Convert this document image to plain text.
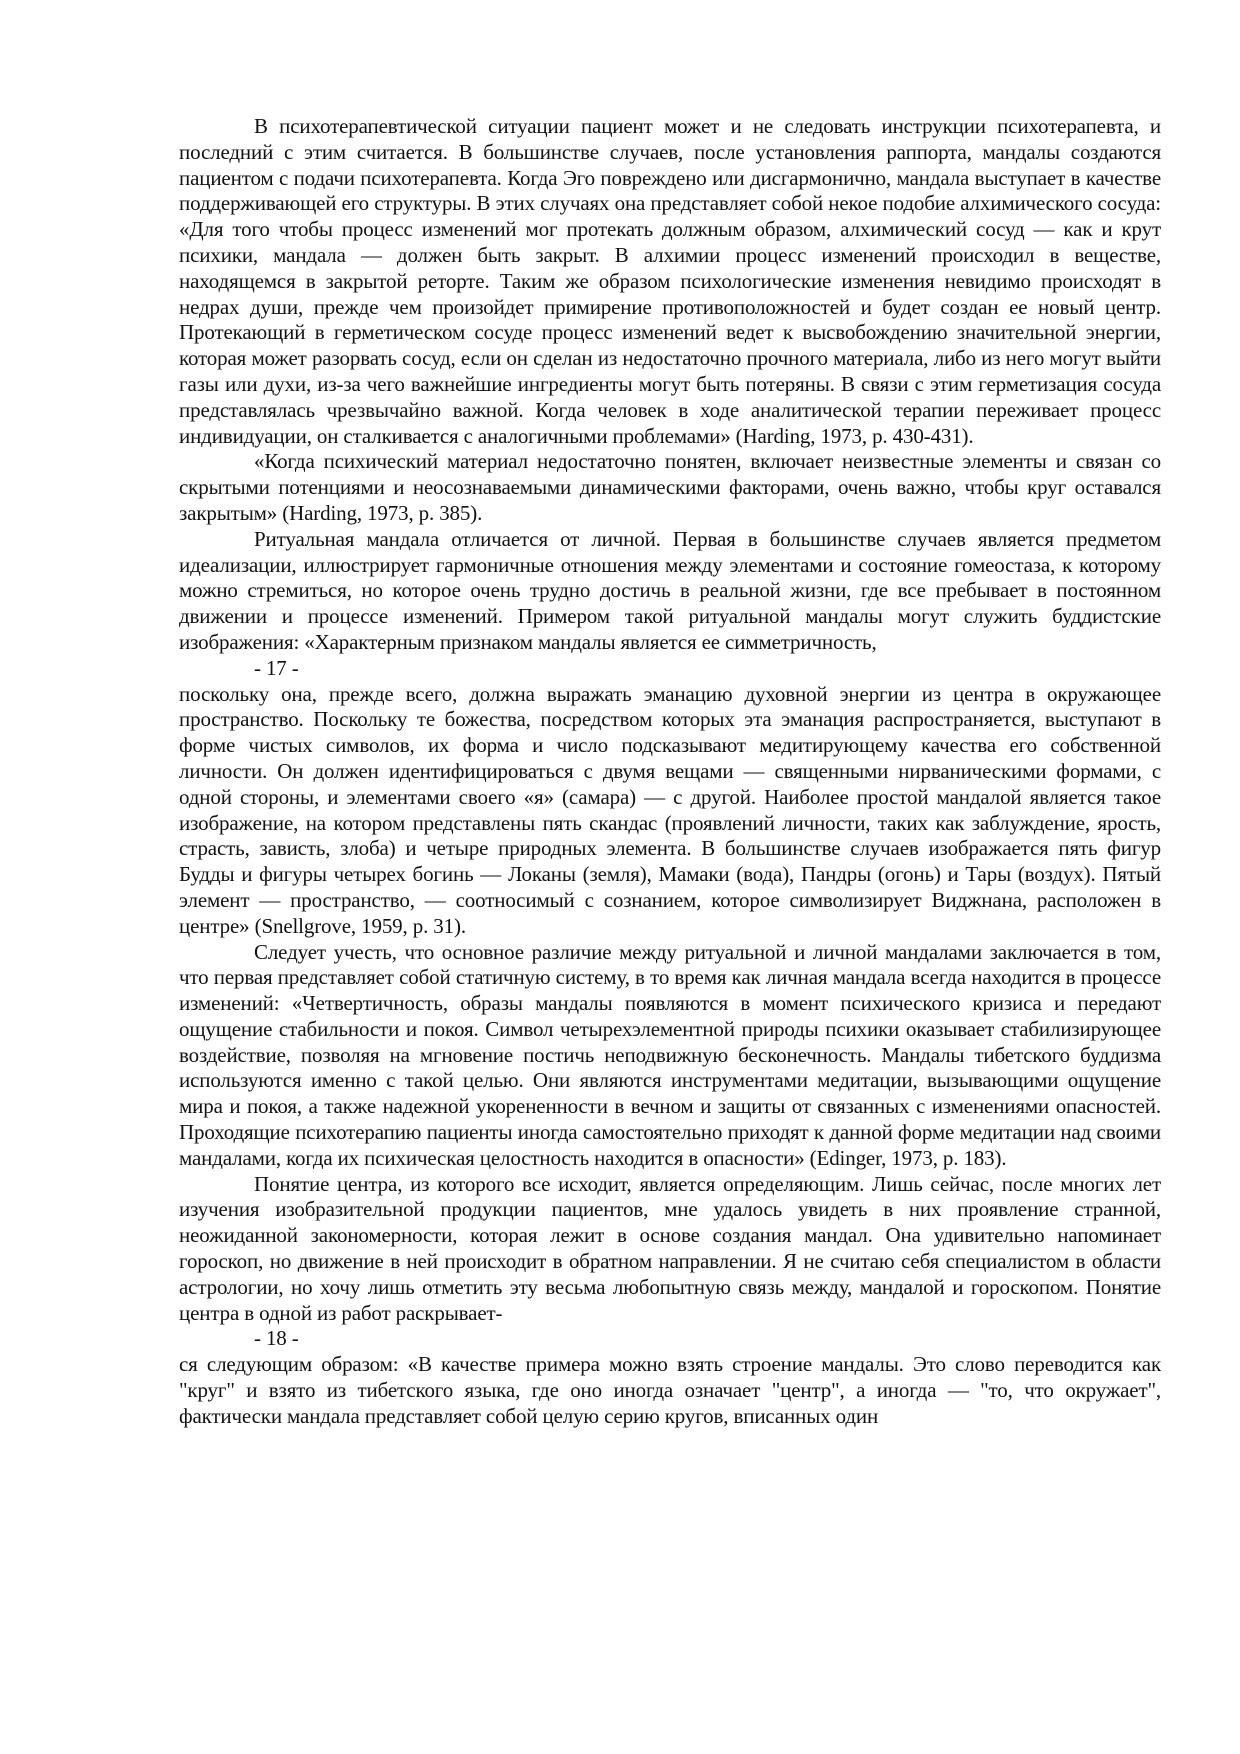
В психотерапевтической ситуации пациент может и не следовать инструкции психотерапевта, и последний с этим считается. В большинстве случаев, после установления раппорта, мандалы создаются пациентом с подачи психотерапевта. Когда Эго повреждено или дисгармонично, мандала выступает в качестве поддерживающей его структуры. В этих случаях она представляет собой некое подобие алхимического сосуда: «Для того чтобы процесс изменений мог протекать должным образом, алхимический сосуд — как и крут психики, мандала — должен быть закрыт. В алхимии процесс изменений происходил в веществе, находящемся в закрытой реторте. Таким же образом психологические изменения невидимо происходят в недрах души, прежде чем произойдет примирение противоположностей и будет создан ее новый центр. Протекающий в герметическом сосуде процесс изменений ведет к высвобождению значительной энергии, которая может разорвать сосуд, если он сделан из недостаточно прочного материала, либо из него могут выйти газы или духи, из-за чего важнейшие ингредиенты могут быть потеряны. В связи с этим герметизация сосуда представлялась чрезвычайно важной. Когда человек в ходе аналитической терапии переживает процесс индивидуации, он сталкивается с аналогичными проблемами» (Harding, 1973, p. 430-431).

«Когда психический материал недостаточно понятен, включает неизвестные элементы и связан со скрытыми потенциями и неосознаваемыми динамическими факторами, очень важно, чтобы круг оставался закрытым» (Harding, 1973, p. 385).

Ритуальная мандала отличается от личной. Первая в большинстве случаев является предметом идеализации, иллюстрирует гармоничные отношения между элементами и состояние гомеостаза, к которому можно стремиться, но которое очень трудно достичь в реальной жизни, где все пребывает в постоянном движении и процессе изменений. Примером такой ритуальной мандалы могут служить буддистские изображения: «Характерным признаком мандалы является ее симметричность,

- 17 -

поскольку она, прежде всего, должна выражать эманацию духовной энергии из центра в окружающее пространство. Поскольку те божества, посредством которых эта эманация распространяется, выступают в форме чистых символов, их форма и число подсказывают медитирующему качества его собственной личности. Он должен идентифицироваться с двумя вещами — священными нирваническими формами, с одной стороны, и элементами своего «я» (самара) — с другой. Наиболее простой мандалой является такое изображение, на котором представлены пять скандас (проявлений личности, таких как заблуждение, ярость, страсть, зависть, злоба) и четыре природных элемента. В большинстве случаев изображается пять фигур Будды и фигуры четырех богинь — Локаны (земля), Мамаки (вода), Пандры (огонь) и Тары (воздух). Пятый элемент — пространство, — соотносимый с сознанием, которое символизирует Виджнана, расположен в центре» (Snellgrove, 1959, p. 31).

Следует учесть, что основное различие между ритуальной и личной мандалами заключается в том, что первая представляет собой статичную систему, в то время как личная мандала всегда находится в процессе изменений: «Четвертичность, образы мандалы появляются в момент психического кризиса и передают ощущение стабильности и покоя. Символ четырехэлементной природы психики оказывает стабилизирующее воздействие, позволяя на мгновение постичь неподвижную бесконечность. Мандалы тибетского буддизма используются именно с такой целью. Они являются инструментами медитации, вызывающими ощущение мира и покоя, а также надежной укорененности в вечном и защиты от связанных с изменениями опасностей. Проходящие психотерапию пациенты иногда самостоятельно приходят к данной форме медитации над своими мандалами, когда их психическая целостность находится в опасности» (Edinger, 1973, p. 183).

Понятие центра, из которого все исходит, является определяющим. Лишь сейчас, после многих лет изучения изобразительной продукции пациентов, мне удалось увидеть в них проявление странной, неожиданной закономерности, которая лежит в основе создания мандал. Она удивительно напоминает гороскоп, но движение в ней происходит в обратном направлении. Я не считаю себя специалистом в области астрологии, но хочу лишь отметить эту весьма любопытную связь между, мандалой и гороскопом. Понятие центра в одной из работ раскрывает-

- 18 -

ся следующим образом: «В качестве примера можно взять строение мандалы. Это слово переводится как "круг" и взято из тибетского языка, где оно иногда означает "центр", а иногда — "то, что окружает", фактически мандала представляет собой целую серию кругов, вписанных один
